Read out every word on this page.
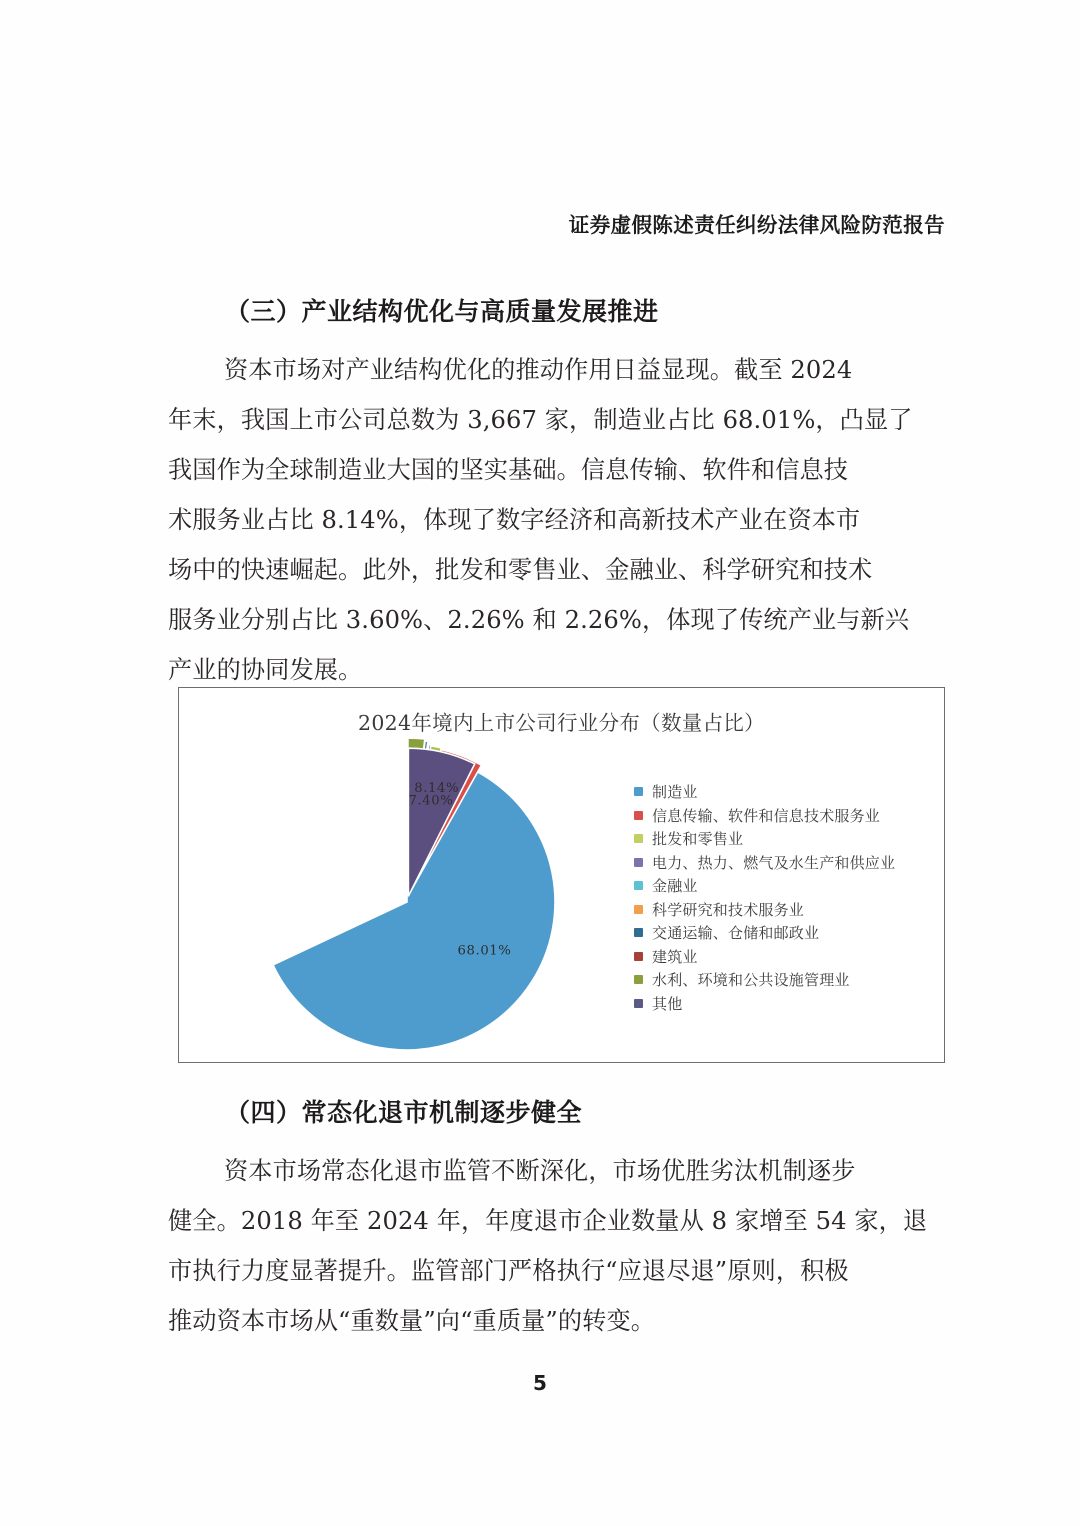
证券虚假陈述责任纠纷法律风险防范报告
（三）产业结构优化与高质量发展推进
资本市场对产业结构优化的推动作用日益显现。截至 2024
年末，我国上市公司总数为 3,667 家，制造业占比 68.01%，凸显了
我国作为全球制造业大国的坚实基础。信息传输、软件和信息技
术服务业占比 8.14%，体现了数字经济和高新技术产业在资本市
场中的快速崛起。此外，批发和零售业、金融业、科学研究和技术
服务业分别占比 3.60%、2.26% 和 2.26%，体现了传统产业与新兴
产业的协同发展。
2024年境内上市公司行业分布（数量占比）
68.01%
8.14%
7.40%	制造业
信息传输、软件和信息技术服务业
批发和零售业
电力、热力、燃气及水生产和供应业
金融业
科学研究和技术服务业
交通运输、仓储和邮政业
建筑业
水利、环境和公共设施管理业
其他
（四）常态化退市机制逐步健全
资本市场常态化退市监管不断深化，市场优胜劣汰机制逐步
健全。2018 年至 2024 年，年度退市企业数量从 8 家增至 54 家，退
市执行力度显著提升。监管部门严格执行“应退尽退”原则，积极
推动资本市场从“重数量”向“重质量”的转变。
5
